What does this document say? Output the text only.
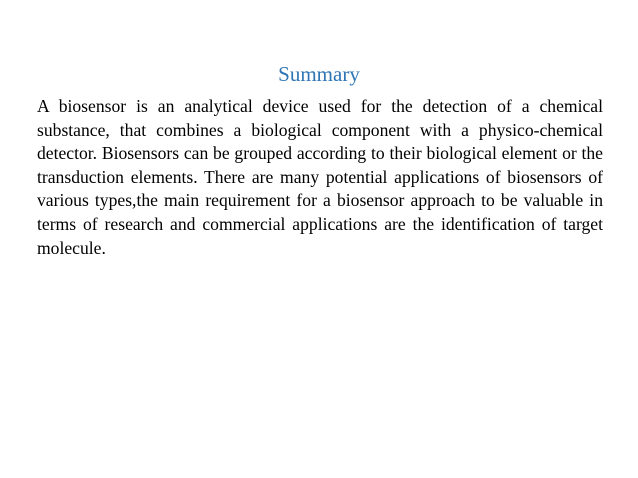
Summary

A biosensor is an analytical device used for the detection of a chemical substance, that combines a biological component with a physico-chemical detector. Biosensors can be grouped according to their biological element or the transduction elements. There are many potential applications of biosensors of various types,the main requirement for a biosensor approach to be valuable in terms of research and commercial applications are the identification of target molecule.
